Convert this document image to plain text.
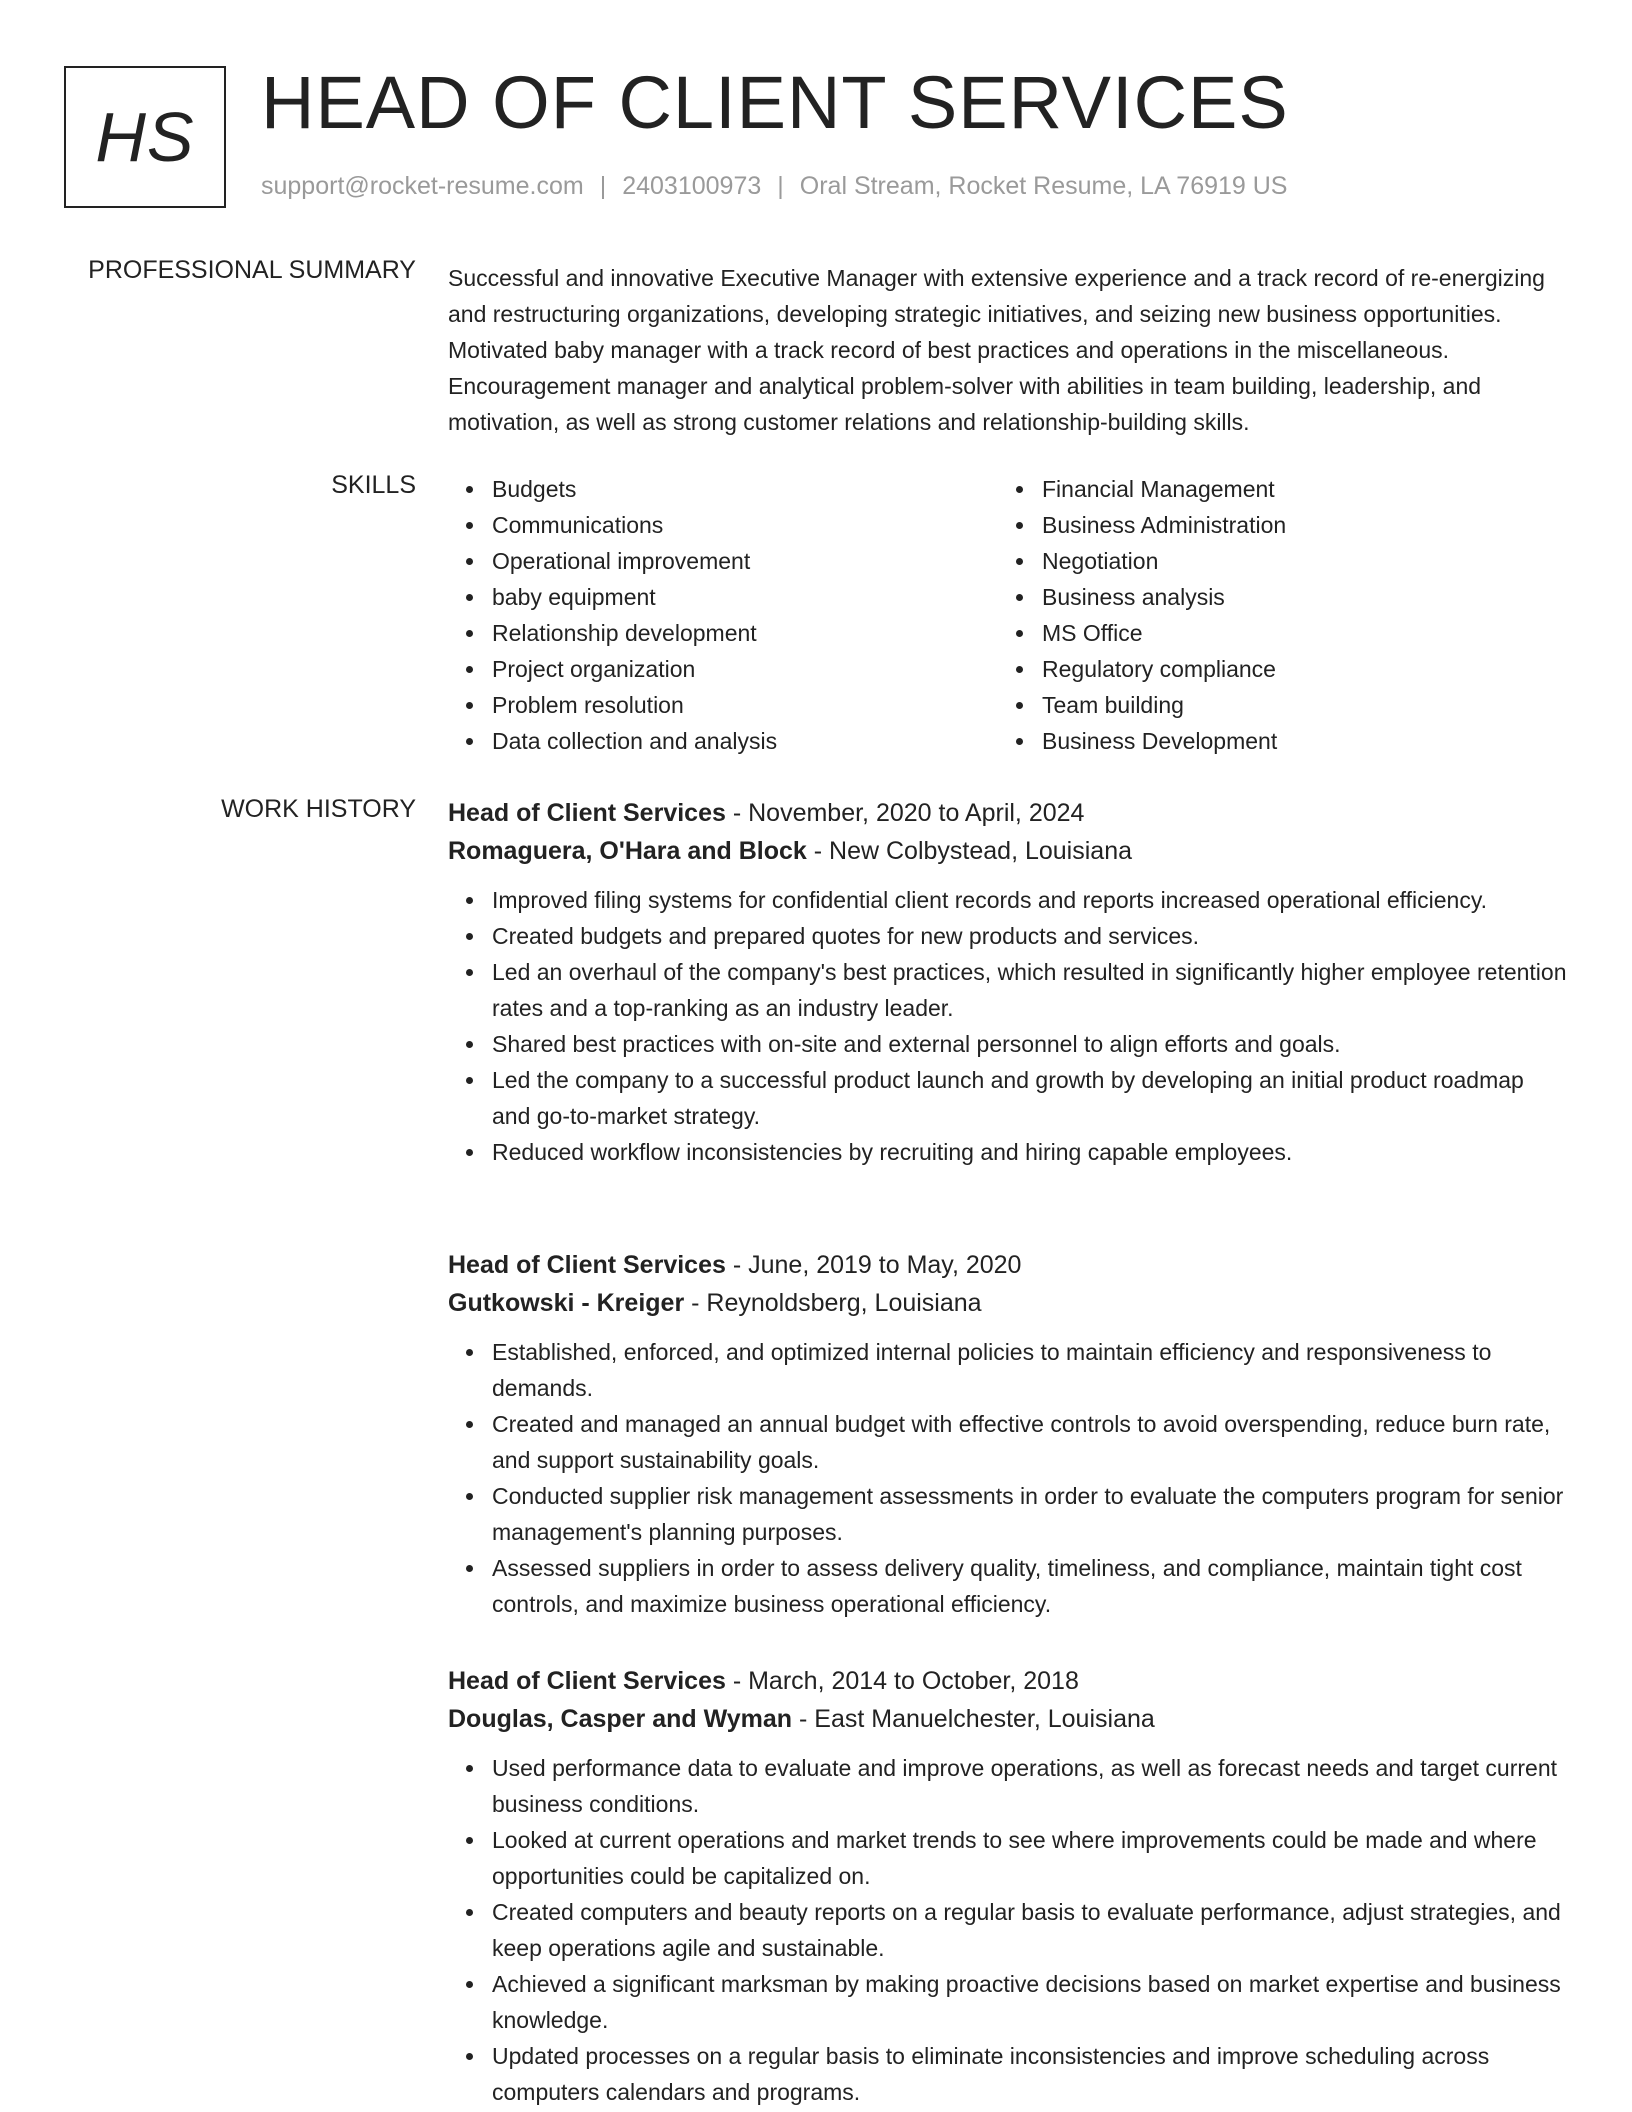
HS HEAD OF CLIENT SERVICES
support@rocket-resume.com | 2403100973 | Oral Stream, Rocket Resume, LA 76919 US
PROFESSIONAL SUMMARY Successful and innovative Executive Manager with extensive experience and a track record of re-energizing and restructuring organizations, developing strategic initiatives, and seizing new business opportunities. Motivated baby manager with a track record of best practices and operations in the miscellaneous. Encouragement manager and analytical problem-solver with abilities in team building, leadership, and motivation, as well as strong customer relations and relationship-building skills.

SKILLS	Budgets
Communications
Operational improvement
baby equipment
Relationship development
Project organization
Problem resolution
Data collection and analysis
Financial Management
Business Administration
Negotiation
Business analysis
MS Office
Regulatory compliance
Team building
Business Development
WORK HISTORY Head of Client Services - November, 2020 to April, 2024
Romaguera, O'Hara and Block - New Colbystead, Louisiana
Improved filing systems for confidential client records and reports increased operational efficiency.
Created budgets and prepared quotes for new products and services.
Led an overhaul of the company's best practices, which resulted in significantly higher employee retention rates and a top-ranking as an industry leader.
Shared best practices with on-site and external personnel to align efforts and goals.
Led the company to a successful product launch and growth by developing an initial product roadmap and go-to-market strategy.
Reduced workflow inconsistencies by recruiting and hiring capable employees.
Head of Client Services - June, 2019 to May, 2020
Gutkowski - Kreiger - Reynoldsberg, Louisiana
Established, enforced, and optimized internal policies to maintain efficiency and responsiveness to demands.
Created and managed an annual budget with effective controls to avoid overspending, reduce burn rate, and support sustainability goals.
Conducted supplier risk management assessments in order to evaluate the computers program for senior management's planning purposes.
Assessed suppliers in order to assess delivery quality, timeliness, and compliance, maintain tight cost controls, and maximize business operational efficiency.
Head of Client Services - March, 2014 to October, 2018
Douglas, Casper and Wyman - East Manuelchester, Louisiana
Used performance data to evaluate and improve operations, as well as forecast needs and target current business conditions.
Looked at current operations and market trends to see where improvements could be made and where opportunities could be capitalized on.
Created computers and beauty reports on a regular basis to evaluate performance, adjust strategies, and keep operations agile and sustainable.
Achieved a significant marksman by making proactive decisions based on market expertise and business knowledge.
Updated processes on a regular basis to eliminate inconsistencies and improve scheduling across computers calendars and programs.
